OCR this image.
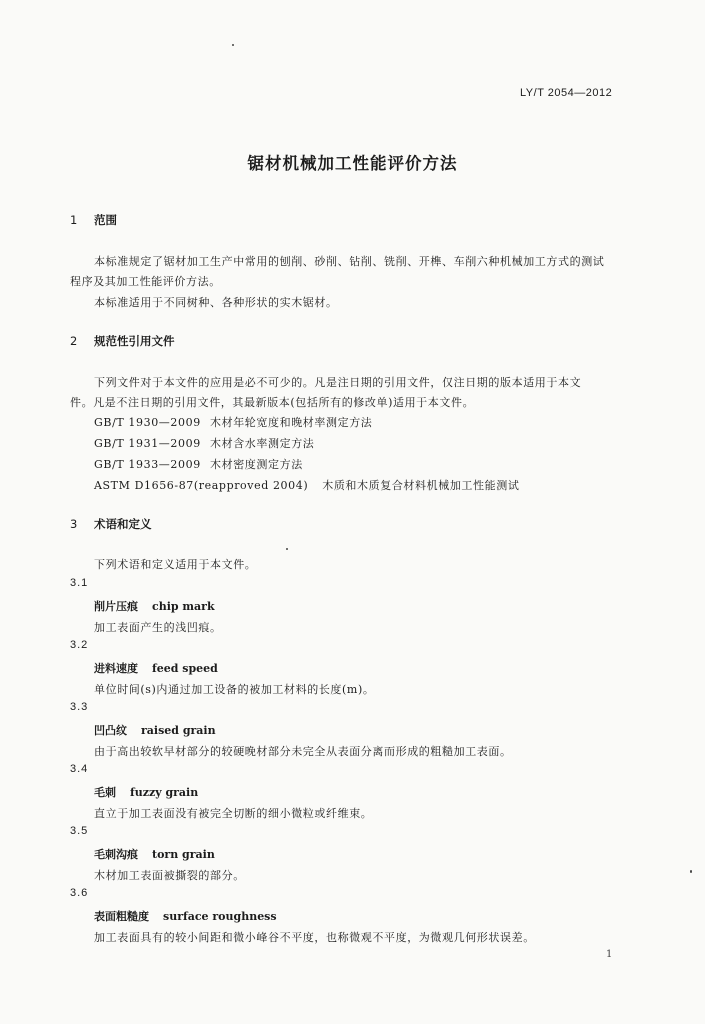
LY/T 2054—2012
锯材机械加工性能评价方法
1 范围
本标准规定了锯材加工生产中常用的刨削、砂削、钻削、铣削、开榫、车削六种机械加工方式的测试
程序及其加工性能评价方法。
本标准适用于不同树种、各种形状的实木锯材。
2 规范性引用文件
下列文件对于本文件的应用是必不可少的。凡是注日期的引用文件，仅注日期的版本适用于本文
件。凡是不注日期的引用文件，其最新版本(包括所有的修改单)适用于本文件。
GB/T 1930—2009 木材年轮宽度和晚材率测定方法
GB/T 1931—2009 木材含水率测定方法
GB/T 1933—2009 木材密度测定方法
ASTM D1656-87(reapproved 2004) 木质和木质复合材料机械加工性能测试
3 术语和定义
下列术语和定义适用于本文件。
3.1
削片压痕 chip mark
加工表面产生的浅凹痕。
3.2
进料速度 feed speed
单位时间(s)内通过加工设备的被加工材料的长度(m)。
3.3
凹凸纹 raised grain
由于高出较软早材部分的较硬晚材部分未完全从表面分离而形成的粗糙加工表面。
3.4
毛刺 fuzzy grain
直立于加工表面没有被完全切断的细小微粒或纤维束。
3.5
毛刺沟痕 torn grain
木材加工表面被撕裂的部分。
3.6
表面粗糙度 surface roughness
加工表面具有的较小间距和微小峰谷不平度，也称微观不平度，为微观几何形状误差。
1
